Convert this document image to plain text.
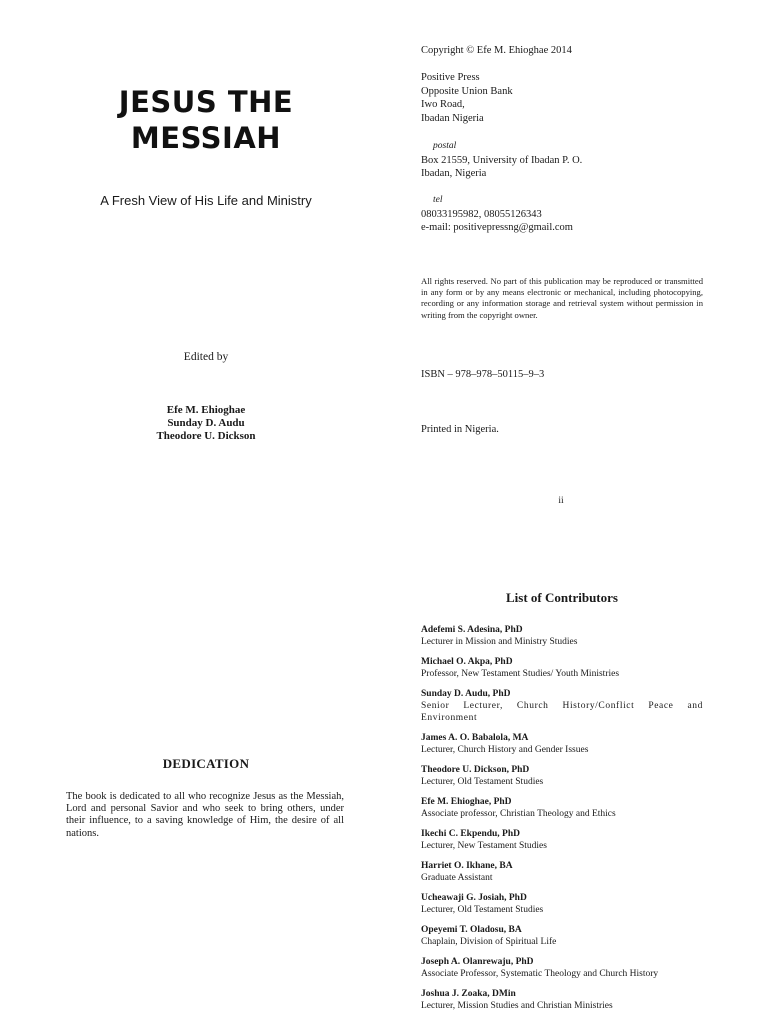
JESUS THE
MESSIAH
A Fresh View of His Life and Ministry
Edited by
Efe M. Ehioghae
Sunday D. Audu
Theodore U. Dickson
DEDICATION
The book is dedicated to all who recognize Jesus as the Messiah, Lord and personal Savior and who seek to bring others, under their influence, to a saving knowledge of Him, the desire of all nations.
Copyright © Efe M. Ehioghae 2014
Positive Press
Opposite Union Bank
Iwo Road,
Ibadan Nigeria
postal
Box 21559, University of Ibadan P. O.
Ibadan, Nigeria
tel
08033195982, 08055126343
e-mail: positivepressng@gmail.com
All rights reserved. No part of this publication may be reproduced or transmitted in any form or by any means electronic or mechanical, including photocopying, recording or any information storage and retrieval system without permission in writing from the copyright owner.
ISBN – 978–978–50115–9–3
Printed in Nigeria.
ii
List of Contributors
Adefemi S. Adesina, PhD
Lecturer in Mission and Ministry Studies
Michael O. Akpa, PhD
Professor, New Testament Studies/ Youth Ministries
Sunday D. Audu, PhD
Senior Lecturer, Church History/Conflict Peace and Environment
James A. O. Babalola, MA
Lecturer, Church History and Gender Issues
Theodore U. Dickson, PhD
Lecturer, Old Testament Studies
Efe M. Ehioghae, PhD
Associate professor, Christian Theology and Ethics
Ikechi C. Ekpendu, PhD
Lecturer, New Testament Studies
Harriet O. Ikhane, BA
Graduate Assistant
Ucheawaji G. Josiah, PhD
Lecturer, Old Testament Studies
Opeyemi T. Oladosu, BA
Chaplain, Division of Spiritual Life
Joseph A. Olanrewaju, PhD
Associate Professor, Systematic Theology and Church History
Joshua J. Zoaka, DMin
Lecturer, Mission Studies and Christian Ministries
